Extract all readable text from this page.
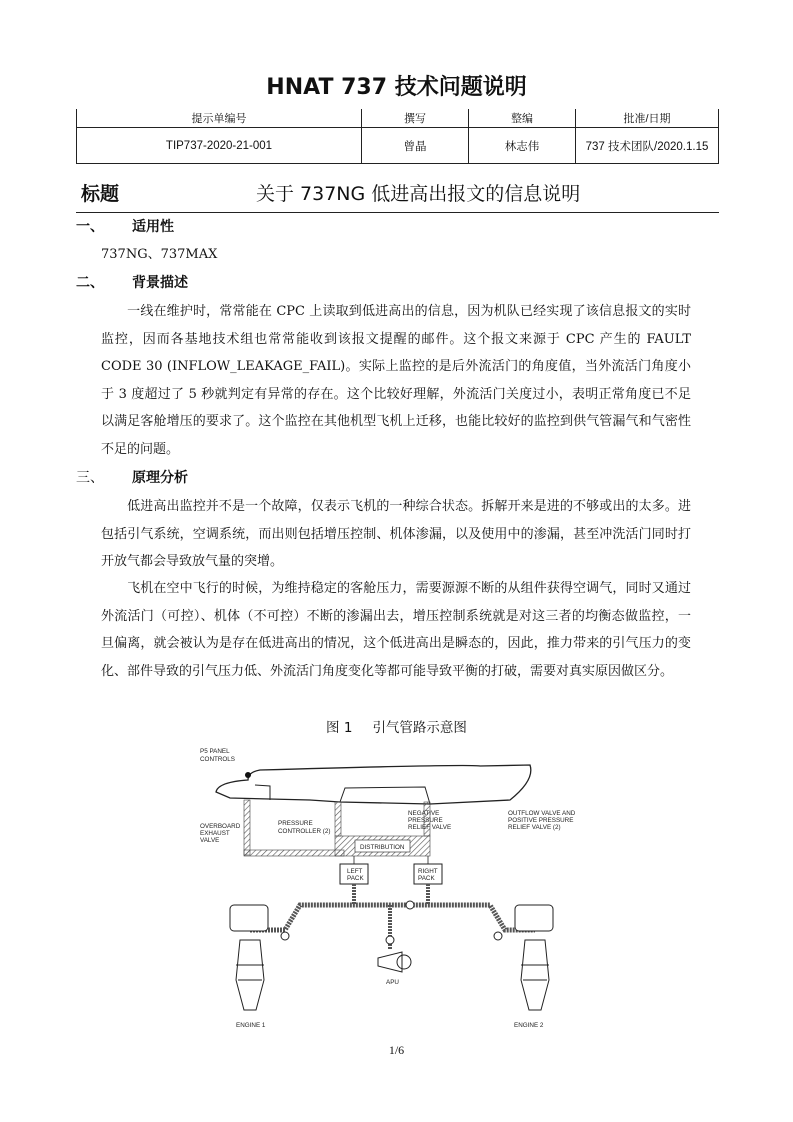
HNAT 737 技术问题说明
提示单编号	撰写	整编	批准/日期
TIP737-2020-21-001	曾晶	林志伟	737 技术团队/2020.1.15
标题	关于 737NG 低进高出报文的信息说明
一、 适用性
737NG、737MAX
二、 背景描述
一线在维护时，常常能在 CPC 上读取到低进高出的信息，因为机队已经实现了该信息报文的实时监控，因而各基地技术组也常常能收到该报文提醒的邮件。这个报文来源于 CPC 产生的 FAULT CODE 30 (INFLOW_LEAKAGE_FAIL)。实际上监控的是后外流活门的角度值，当外流活门角度小于 3 度超过了 5 秒就判定有异常的存在。这个比较好理解，外流活门关度过小，表明正常角度已不足以满足客舱增压的要求了。这个监控在其他机型飞机上迁移，也能比较好的监控到供气管漏气和气密性不足的问题。
三、 原理分析
低进高出监控并不是一个故障，仅表示飞机的一种综合状态。拆解开来是进的不够或出的太多。进包括引气系统，空调系统，而出则包括增压控制、机体渗漏，以及使用中的渗漏，甚至冲洗活门同时打开放气都会导致放气量的突增。
飞机在空中飞行的时候，为维持稳定的客舱压力，需要源源不断的从组件获得空调气，同时又通过外流活门（可控）、机体（不可控）不断的渗漏出去，增压控制系统就是对这三者的均衡态做监控，一旦偏离，就会被认为是存在低进高出的情况，这个低进高出是瞬态的，因此，推力带来的引气压力的变化、部件导致的引气压力低、外流活门角度变化等都可能导致平衡的打破，需要对真实原因做区分。
图 1 引气管路示意图
P5 PANEL
CONTROLS
OVERBOARD
EXHAUST
VALVE
PRESSURE
CONTROLLER (2)
NEGATIVE
PRESSURE
RELIEF VALVE
OUTFLOW VALVE AND
POSITIVE PRESSURE
RELIEF VALVE (2)
DISTRIBUTION
LEFT
PACK
RIGHT
PACK
APU
ENGINE 1	ENGINE 2
1/6
